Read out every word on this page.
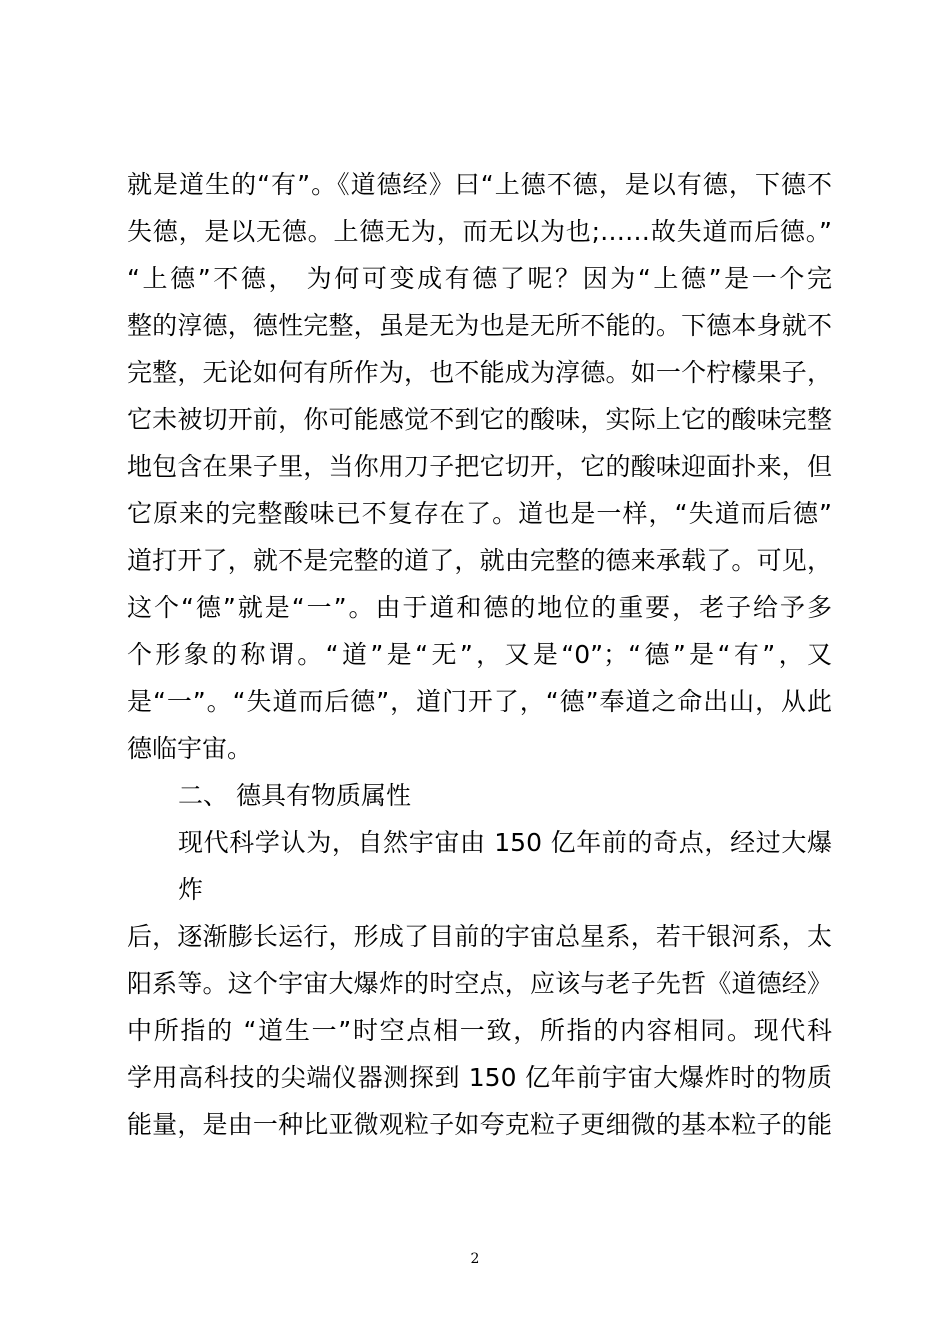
就是道生的“有”。《道德经》曰“上德不德，是以有德，下德不
失德，是以无德。上德无为，而无以为也;……故失道而后德。”
“上德”不德， 为何可变成有德了呢？因为“上德”是一个完
整的淳德，德性完整，虽是无为也是无所不能的。下德本身就不
完整，无论如何有所作为，也不能成为淳德。如一个柠檬果子，
它未被切开前，你可能感觉不到它的酸味，实际上它的酸味完整
地包含在果子里，当你用刀子把它切开，它的酸味迎面扑来，但
它原来的完整酸味已不复存在了。道也是一样，“失道而后德”
道打开了，就不是完整的道了，就由完整的德来承载了。可见，
这个“德”就是“一”。由于道和德的地位的重要，老子给予多
个形象的称谓。“道”是“无”，又是“0”；“德”是“有”，又
是“一”。“失道而后德”，道门开了，“德”奉道之命出山，从此
德临宇宙。
二、 德具有物质属性
现代科学认为，自然宇宙由 150 亿年前的奇点，经过大爆
炸
后，逐渐膨长运行，形成了目前的宇宙总星系，若干银河系，太
阳系等。这个宇宙大爆炸的时空点，应该与老子先哲《道德经》
中所指的 “道生一”时空点相一致，所指的内容相同。现代科
学用高科技的尖端仪器测探到 150 亿年前宇宙大爆炸时的物质
能量，是由一种比亚微观粒子如夸克粒子更细微的基本粒子的能
2
